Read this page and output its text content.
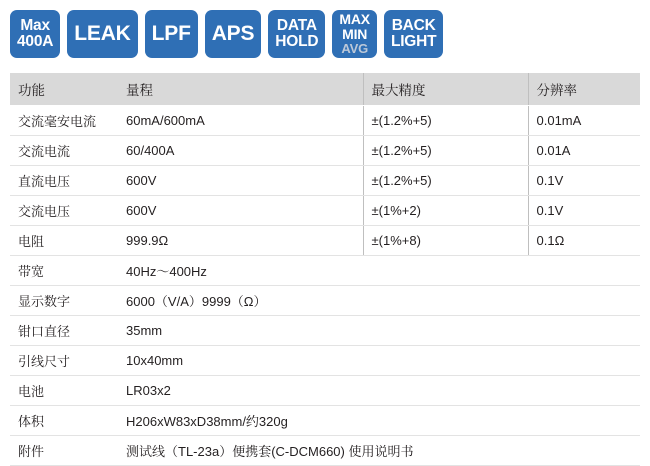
Max
400A LEAK LPF APS DATA
HOLD
MAX
MIN
AVG
BACK
LIGHT
功能	量程	最大精度	分辨率
交流毫安电流	60mA/600mA	±(1.2%+5)	0.01mA
交流电流	60/400A	±(1.2%+5)	0.01A
直流电压	600V	±(1.2%+5)	0.1V
交流电压	600V	±(1%+2)	0.1V
电阻	999.9Ω	±(1%+8)	0.1Ω
带宽	40Hz～400Hz		
显示数字	6000（V/A）9999（Ω）		
钳口直径	35mm		
引线尺寸	10x40mm		
电池	LR03x2		
体积	H206xW83xD38mm/约320g		
附件	测试线（TL-23a）便携套(C-DCM660) 使用说明书		
